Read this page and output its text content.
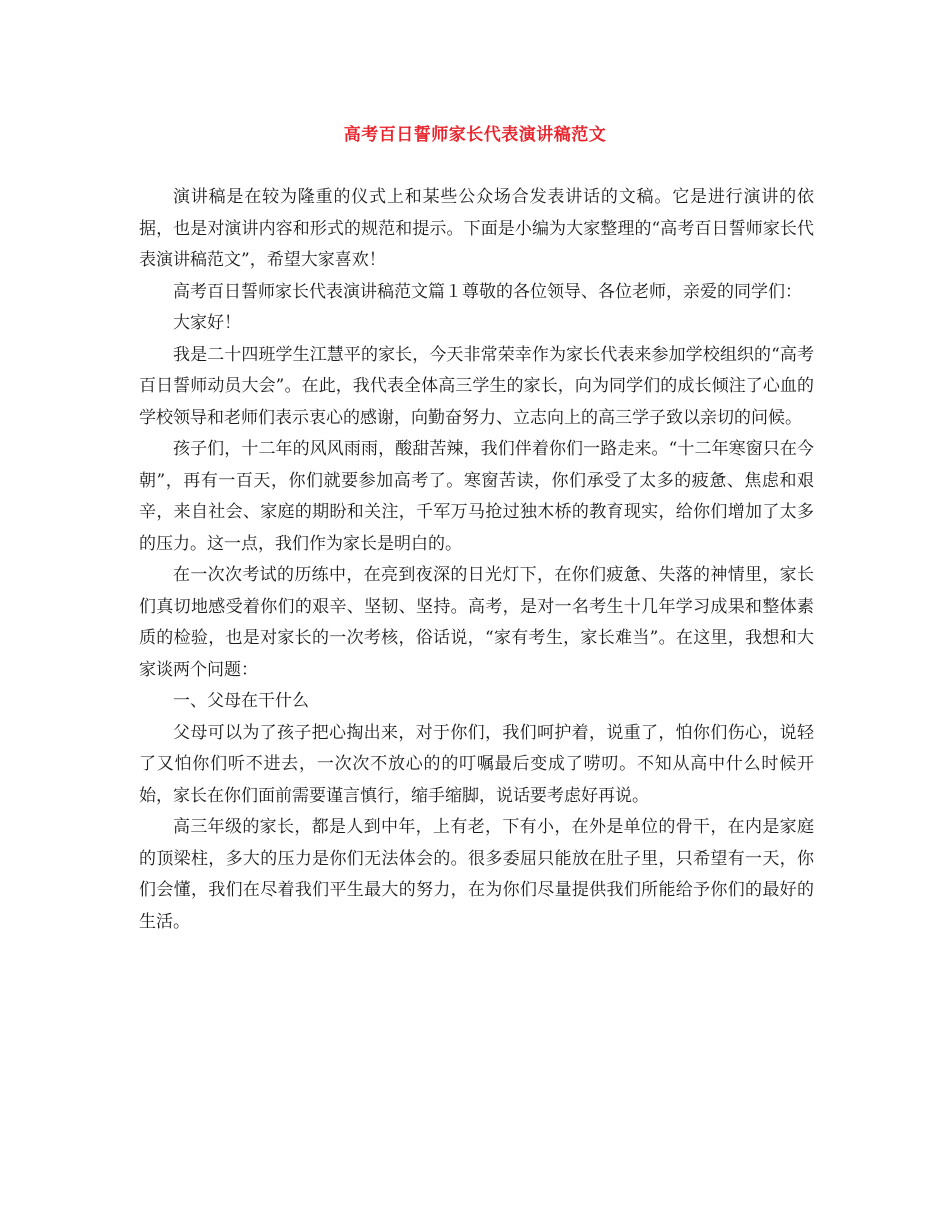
高考百日誓师家长代表演讲稿范文

演讲稿是在较为隆重的仪式上和某些公众场合发表讲话的文稿。它是进行演讲的依据，也是对演讲内容和形式的规范和提示。下面是小编为大家整理的“高考百日誓师家长代表演讲稿范文”，希望大家喜欢！

高考百日誓师家长代表演讲稿范文篇１尊敬的各位领导、各位老师，亲爱的同学们：

大家好！

我是二十四班学生江慧平的家长，今天非常荣幸作为家长代表来参加学校组织的“高考百日誓师动员大会”。在此，我代表全体高三学生的家长，向为同学们的成长倾注了心血的学校领导和老师们表示衷心的感谢，向勤奋努力、立志向上的高三学子致以亲切的问候。

孩子们，十二年的风风雨雨，酸甜苦辣，我们伴着你们一路走来。“十二年寒窗只在今朝”，再有一百天，你们就要参加高考了。寒窗苦读，你们承受了太多的疲惫、焦虑和艰辛，来自社会、家庭的期盼和关注，千军万马抢过独木桥的教育现实，给你们增加了太多的压力。这一点，我们作为家长是明白的。

在一次次考试的历练中，在亮到夜深的日光灯下，在你们疲惫、失落的神情里，家长们真切地感受着你们的艰辛、坚韧、坚持。高考，是对一名考生十几年学习成果和整体素质的检验，也是对家长的一次考核，俗话说，“家有考生，家长难当”。在这里，我想和大家谈两个问题：

一、父母在干什么

父母可以为了孩子把心掏出来，对于你们，我们呵护着，说重了，怕你们伤心，说轻了又怕你们听不进去，一次次不放心的的叮嘱最后变成了唠叨。不知从高中什么时候开始，家长在你们面前需要谨言慎行，缩手缩脚，说话要考虑好再说。

高三年级的家长，都是人到中年，上有老，下有小，在外是单位的骨干，在内是家庭的顶梁柱，多大的压力是你们无法体会的。很多委屈只能放在肚子里，只希望有一天，你们会懂，我们在尽着我们平生最大的努力，在为你们尽量提供我们所能给予你们的最好的生活。
